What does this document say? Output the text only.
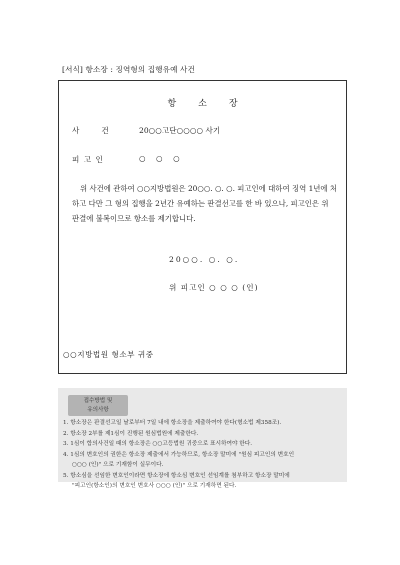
[서식] 항소장 : 징역형의 집행유예 사건
항소장
사건 20○○고단○○○○ 사기
피 고 인	○ ○ ○
위 사건에 관하여 ○○지방법원은 20○○. ○. ○. 피고인에 대하여 징역 1년에 처하고 다만 그 형의 집행을 2년간 유예하는 판결선고를 한 바 있으나, 피고인은 위 판결에 불복이므로 항소를 제기합니다.
20○○. ○. ○.
위 피고인 ○ ○ ○ (인)
○○지방법원 형소부 귀중
접수방법 및
유의사항
1. 항소장은 판결선고일 날로부터 7일 내에 항소장을 제출하여야 한다(형소법 제358조).
2. 항소장 2부를 제1심이 진행된 원심법원에 제출한다.
3. 1심이 합의사건일 때의 항소장은 ○○고등법원 귀중으로 표시하여야 한다.
4. 1심의 변호인의 권한은 항소장 제출에서 가능하므로, 항소장 말미에 "원심 피고인의 변호인
○○○ (인)" 으로 기재함이 실무이다.
5. 항소심을 선임한 변호인이라면 항소장에 항소심 변호인 선임계를 첨부하고 항소장 말미에
"피고인(항소인)의 변호인 변호사 ○○○ (인)" 으로 기재하면 된다.
